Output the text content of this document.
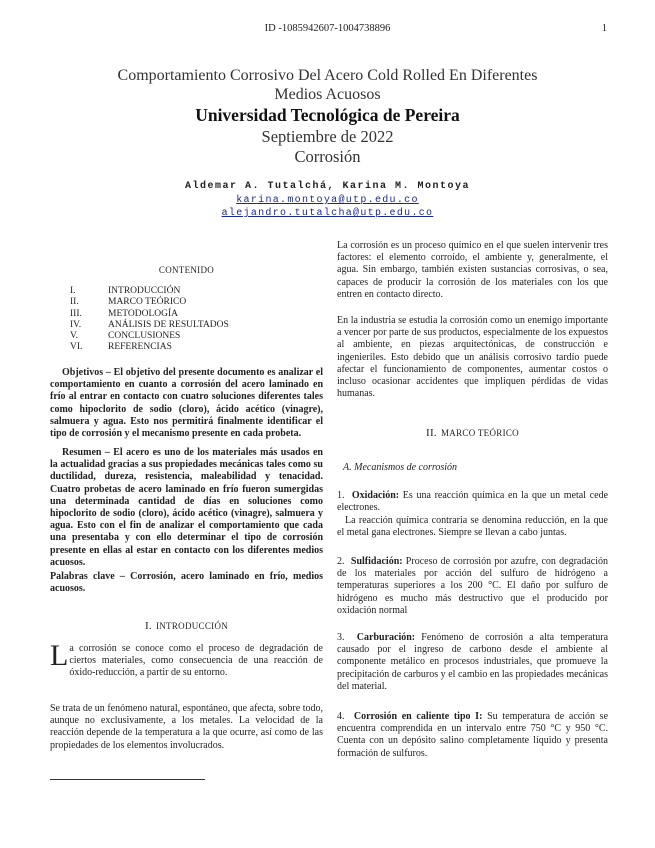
ID -1085942607-1004738896	1
Comportamiento Corrosivo Del Acero Cold Rolled En Diferentes
Medios Acuosos
Universidad Tecnológica de Pereira
Septiembre de 2022
Corrosión
Aldemar A. Tutalchá, Karina M. Montoya
karina.montoya@utp.edu.co
alejandro.tutalcha@utp.edu.co
CONTENIDO
I.	INTRODUCCIÓN
II.	MARCO TEÓRICO
III.	METODOLOGÍA
IV.	ANÁLISIS DE RESULTADOS
V.	CONCLUSIONES
VI.	REFERENCIAS
Objetivos – El objetivo del presente documento es analizar el comportamiento en cuanto a corrosión del acero laminado en frío al entrar en contacto con cuatro soluciones diferentes tales como hipoclorito de sodio (cloro), ácido acético (vinagre), salmuera y agua. Esto nos permitirá finalmente identificar el tipo de corrosión y el mecanismo presente en cada probeta.
Resumen – El acero es uno de los materiales más usados en la actualidad gracias a sus propiedades mecánicas tales como su ductilidad, dureza, resistencia, maleabilidad y tenacidad. Cuatro probetas de acero laminado en frío fueron sumergidas una determinada cantidad de días en soluciones como hipoclorito de sodio (cloro), ácido acético (vinagre), salmuera y agua. Esto con el fin de analizar el comportamiento que cada una presentaba y con ello determinar el tipo de corrosión presente en ellas al estar en contacto con los diferentes medios acuosos.
Palabras clave – Corrosión, acero laminado en frío, medios acuosos.
I. INTRODUCCIÓN
La corrosión se conoce como el proceso de degradación de ciertos materiales, como consecuencia de una reacción de óxido-reducción, a partir de su entorno.
Se trata de un fenómeno natural, espontáneo, que afecta, sobre todo, aunque no exclusivamente, a los metales. La velocidad de la reacción depende de la temperatura a la que ocurre, así como de las propiedades de los elementos involucrados.
La corrosión es un proceso químico en el que suelen intervenir tres factores: el elemento corroído, el ambiente y, generalmente, el agua. Sin embargo, también existen sustancias corrosivas, o sea, capaces de producir la corrosión de los materiales con los que entren en contacto directo.
En la industria se estudia la corrosión como un enemigo importante a vencer por parte de sus productos, especialmente de los expuestos al ambiente, en piezas arquitectónicas, de construcción e ingenieriles. Esto debido que un análisis corrosivo tardío puede afectar el funcionamiento de componentes, aumentar costos o incluso ocasionar accidentes que impliquen pérdidas de vidas humanas.
II. MARCO TEÓRICO
A. Mecanismos de corrosión
1. Oxidación: Es una reacción química en la que un metal cede electrones.
La reacción química contraria se denomina reducción, en la que el metal gana electrones. Siempre se llevan a cabo juntas.
2. Sulfidación: Proceso de corrosión por azufre, con degradación de los materiales por acción del sulfuro de hidrógeno a temperaturas superiores a los 200 °C. El daño por sulfuro de hidrógeno es mucho más destructivo que el producido por oxidación normal
3. Carburación: Fenómeno de corrosión a alta temperatura causado por el ingreso de carbono desde el ambiente al componente metálico en procesos industriales, que promueve la precipitación de carburos y el cambio en las propiedades mecánicas del material.
4. Corrosión en caliente tipo I: Su temperatura de acción se encuentra comprendida en un intervalo entre 750 °C y 950 °C. Cuenta con un depósito salino completamente líquido y presenta formación de sulfuros.
